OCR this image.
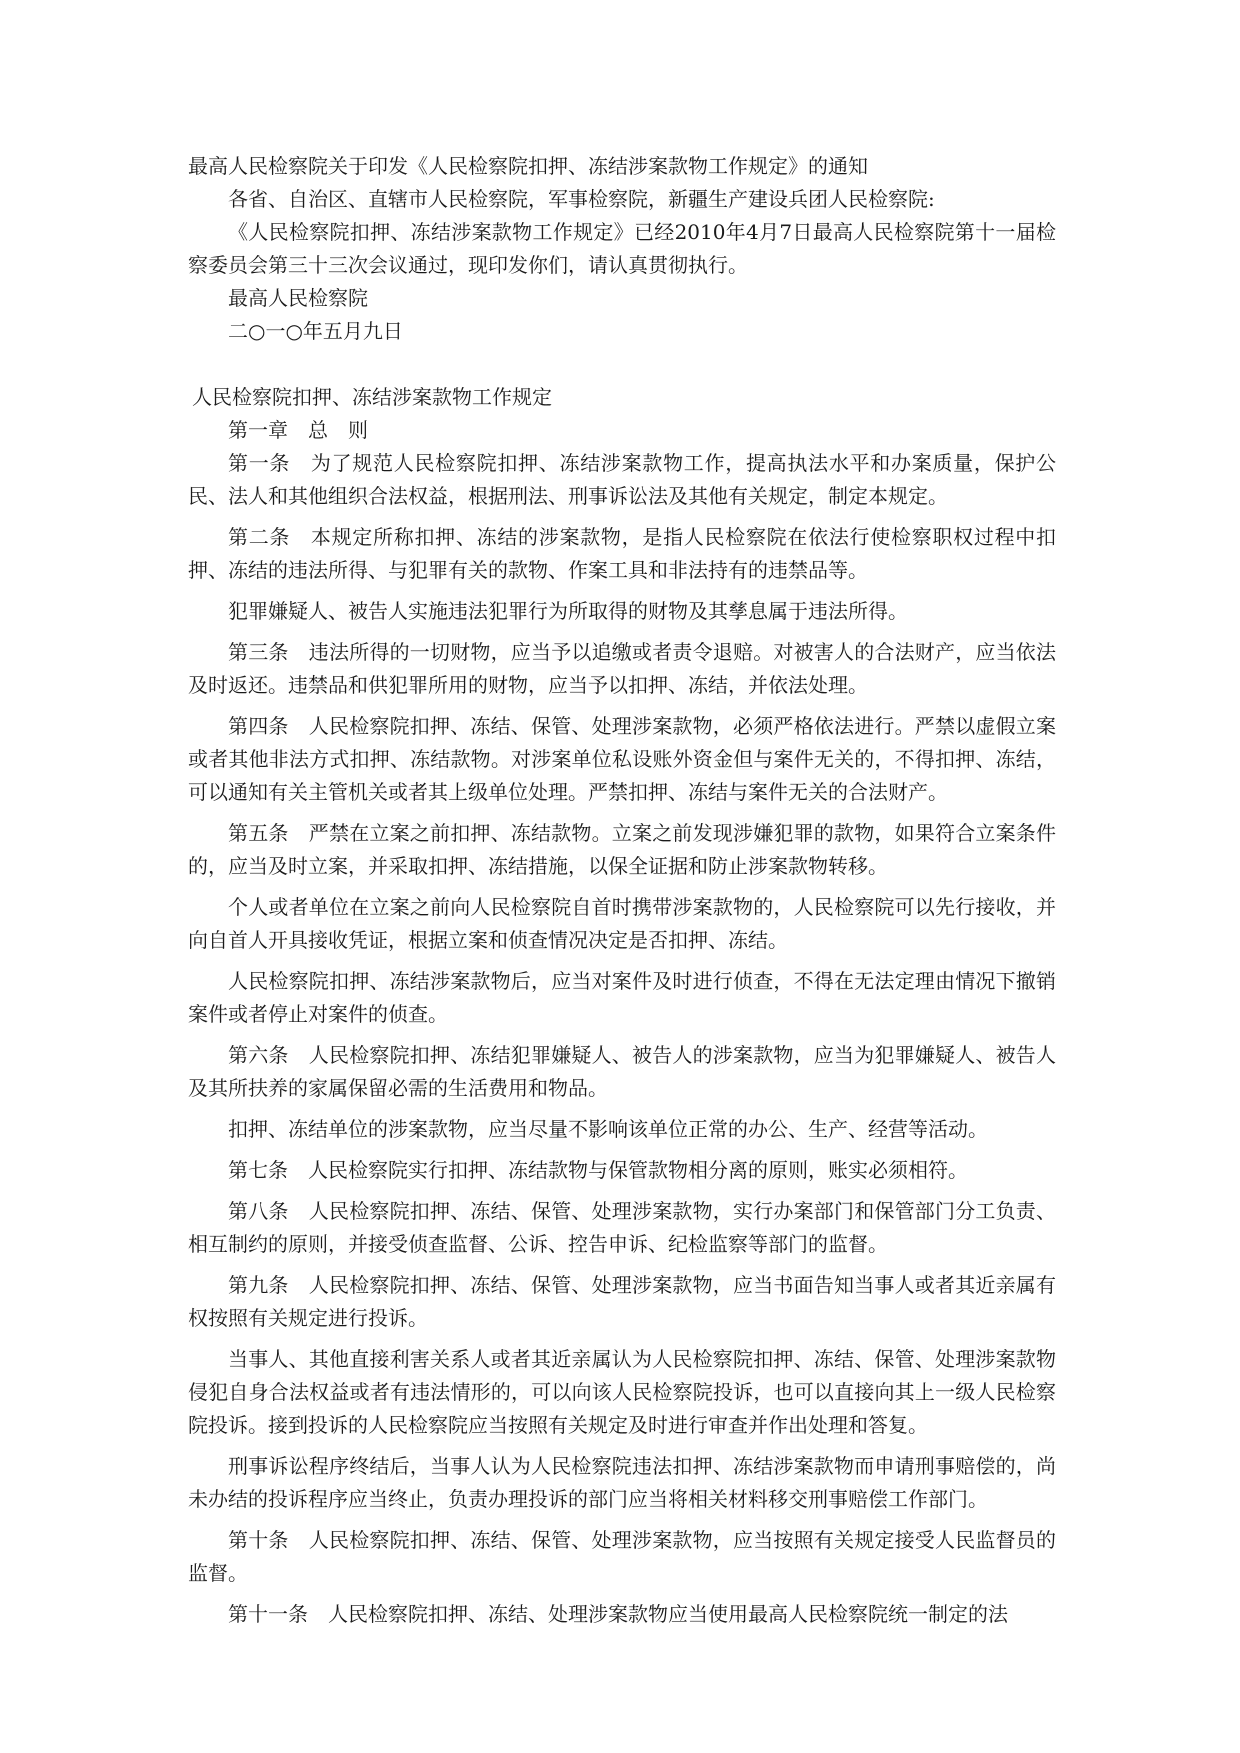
最高人民检察院关于印发《人民检察院扣押、冻结涉案款物工作规定》的通知
各省、自治区、直辖市人民检察院，军事检察院，新疆生产建设兵团人民检察院:
《人民检察院扣押、冻结涉案款物工作规定》已经2010年4月7日最高人民检察院第十一届检察委员会第三十三次会议通过，现印发你们，请认真贯彻执行。
最高人民检察院
二○一○年五月九日
人民检察院扣押、冻结涉案款物工作规定
第一章　总　则
第一条　为了规范人民检察院扣押、冻结涉案款物工作，提高执法水平和办案质量，保护公民、法人和其他组织合法权益，根据刑法、刑事诉讼法及其他有关规定，制定本规定。
第二条　本规定所称扣押、冻结的涉案款物，是指人民检察院在依法行使检察职权过程中扣押、冻结的违法所得、与犯罪有关的款物、作案工具和非法持有的违禁品等。
犯罪嫌疑人、被告人实施违法犯罪行为所取得的财物及其孳息属于违法所得。
第三条　违法所得的一切财物，应当予以追缴或者责令退赔。对被害人的合法财产，应当依法及时返还。违禁品和供犯罪所用的财物，应当予以扣押、冻结，并依法处理。
第四条　人民检察院扣押、冻结、保管、处理涉案款物，必须严格依法进行。严禁以虚假立案或者其他非法方式扣押、冻结款物。对涉案单位私设账外资金但与案件无关的，不得扣押、冻结，可以通知有关主管机关或者其上级单位处理。严禁扣押、冻结与案件无关的合法财产。
第五条　严禁在立案之前扣押、冻结款物。立案之前发现涉嫌犯罪的款物，如果符合立案条件的，应当及时立案，并采取扣押、冻结措施，以保全证据和防止涉案款物转移。
个人或者单位在立案之前向人民检察院自首时携带涉案款物的，人民检察院可以先行接收，并向自首人开具接收凭证，根据立案和侦查情况决定是否扣押、冻结。
人民检察院扣押、冻结涉案款物后，应当对案件及时进行侦查，不得在无法定理由情况下撤销案件或者停止对案件的侦查。
第六条　人民检察院扣押、冻结犯罪嫌疑人、被告人的涉案款物，应当为犯罪嫌疑人、被告人及其所扶养的家属保留必需的生活费用和物品。
扣押、冻结单位的涉案款物，应当尽量不影响该单位正常的办公、生产、经营等活动。
第七条　人民检察院实行扣押、冻结款物与保管款物相分离的原则，账实必须相符。
第八条　人民检察院扣押、冻结、保管、处理涉案款物，实行办案部门和保管部门分工负责、相互制约的原则，并接受侦查监督、公诉、控告申诉、纪检监察等部门的监督。
第九条　人民检察院扣押、冻结、保管、处理涉案款物，应当书面告知当事人或者其近亲属有权按照有关规定进行投诉。
当事人、其他直接利害关系人或者其近亲属认为人民检察院扣押、冻结、保管、处理涉案款物侵犯自身合法权益或者有违法情形的，可以向该人民检察院投诉，也可以直接向其上一级人民检察院投诉。接到投诉的人民检察院应当按照有关规定及时进行审查并作出处理和答复。
刑事诉讼程序终结后，当事人认为人民检察院违法扣押、冻结涉案款物而申请刑事赔偿的，尚未办结的投诉程序应当终止，负责办理投诉的部门应当将相关材料移交刑事赔偿工作部门。
第十条　人民检察院扣押、冻结、保管、处理涉案款物，应当按照有关规定接受人民监督员的监督。
第十一条　人民检察院扣押、冻结、处理涉案款物应当使用最高人民检察院统一制定的法
